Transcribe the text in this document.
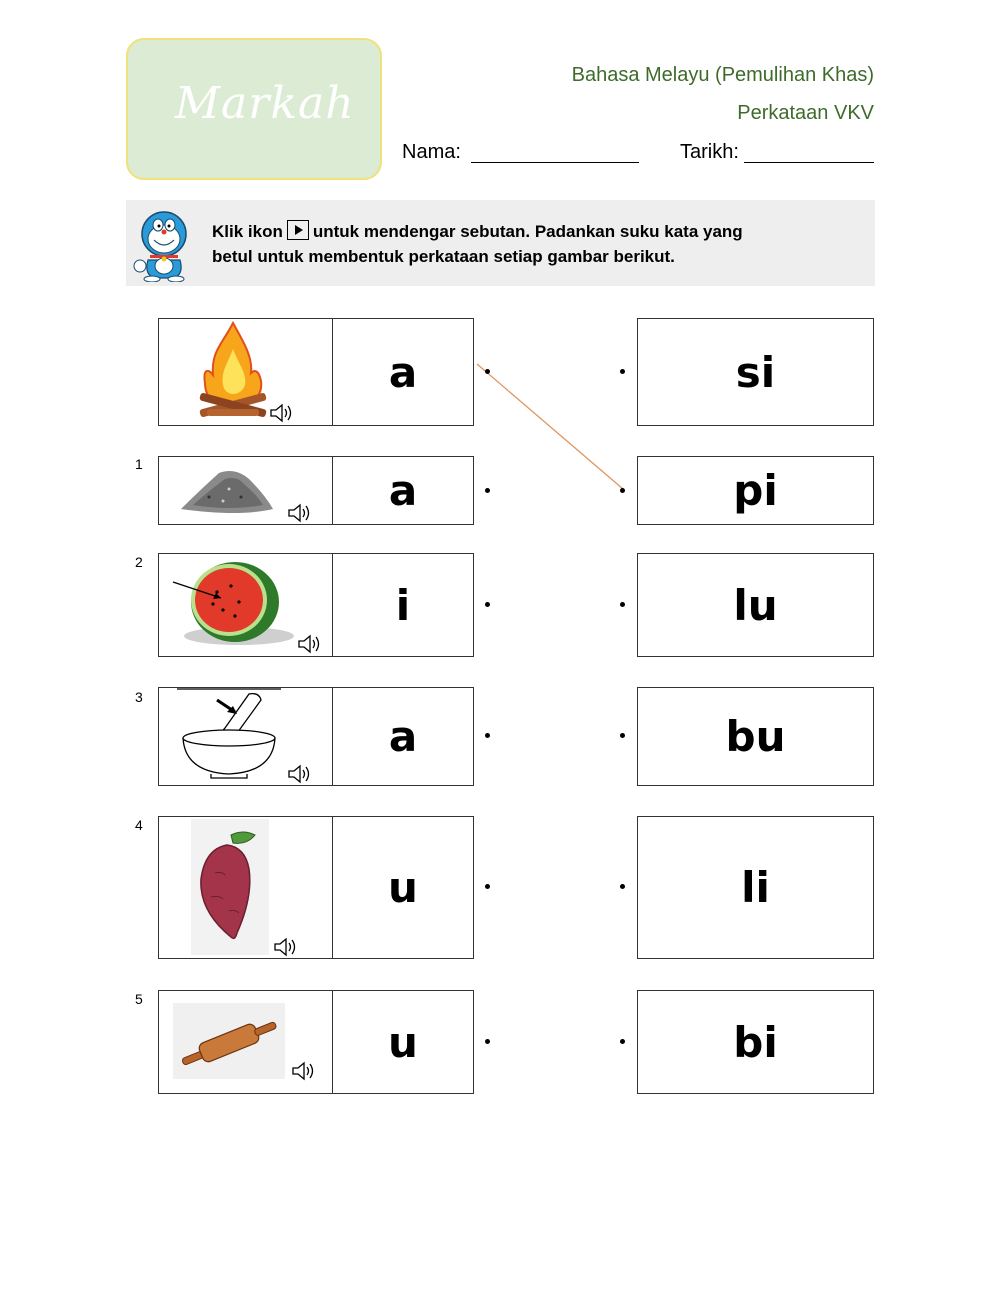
Markah
Bahasa Melayu (Pemulihan Khas)
Perkataan VKV
Nama:	Tarikh:
Klik ikon untuk mendengar sebutan. Padankan suku kata yang
betul untuk membentuk perkataan setiap gambar berikut.
a	si
1
a	pi
2
i	lu
3
a	bu
4
u	li
5
u	bi
